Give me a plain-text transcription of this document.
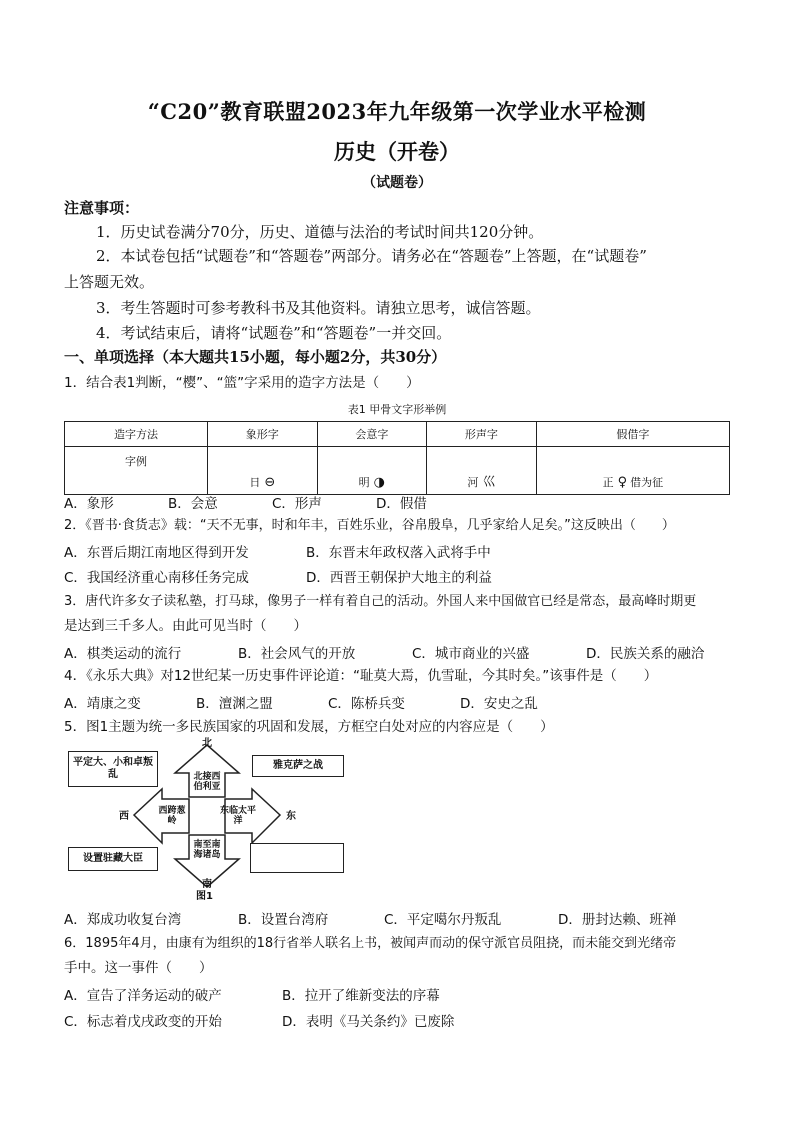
“C20”教育联盟2023年九年级第一次学业水平检测
历史（开卷）
（试题卷）
注意事项：
1．历史试卷满分70分，历史、道德与法治的考试时间共120分钟。
2．本试卷包括“试题卷”和“答题卷”两部分。请务必在“答题卷”上答题，在“试题卷”
上答题无效。
3．考生答题时可参考教科书及其他资料。请独立思考，诚信答题。
4．考试结束后，请将“试题卷”和“答题卷”一并交回。
一、单项选择（本大题共15小题，每小题2分，共30分）
1．结合表1判断，“樱”、“篮”字采用的造字方法是（　　）
表1 甲骨文字形举例
造字方法	象形字	会意字	形声字	假借字
字例	日 ⊖	明 ◑	河 巛	正 ♀ 借为征
A．象形	B．会意	C．形声	D．假借
2．《晋书·食货志》载：“天不无事，时和年丰，百姓乐业，谷帛殷阜，几乎家给人足矣。”这反映出（　　）
A．东晋后期江南地区得到开发	B．东晋末年政权落入武将手中
C．我国经济重心南移任务完成	D．西晋王朝保护大地主的利益
3．唐代许多女子读私塾，打马球，像男子一样有着自己的活动。外国人来中国做官已经是常态，最高峰时期更
是达到三千多人。由此可见当时（　　）
A．棋类运动的流行	B．社会风气的开放	C．城市商业的兴盛	D．民族关系的融洽
4．《永乐大典》对12世纪某一历史事件评论道：“耻莫大焉，仇雪耻，今其时矣。”该事件是（　　）
A．靖康之变	B．澶渊之盟	C．陈桥兵变	D．安史之乱
5．图1主题为统一多民族国家的巩固和发展，方框空白处对应的内容应是（　　）
北
西	东
南
北接西伯利亚
西跨葱岭
东临太平洋
南至南海诸岛
平定大、小和卓叛乱
雅克萨之战
设置驻藏大臣
图1
A．郑成功收复台湾	B．设置台湾府	C．平定噶尔丹叛乱	D．册封达赖、班禅
6．1895年4月，由康有为组织的18行省举人联名上书，被闻声而动的保守派官员阻挠，而未能交到光绪帝
手中。这一事件（　　）
A．宣告了洋务运动的破产	B．拉开了维新变法的序幕
C．标志着戊戌政变的开始	D．表明《马关条约》已废除
